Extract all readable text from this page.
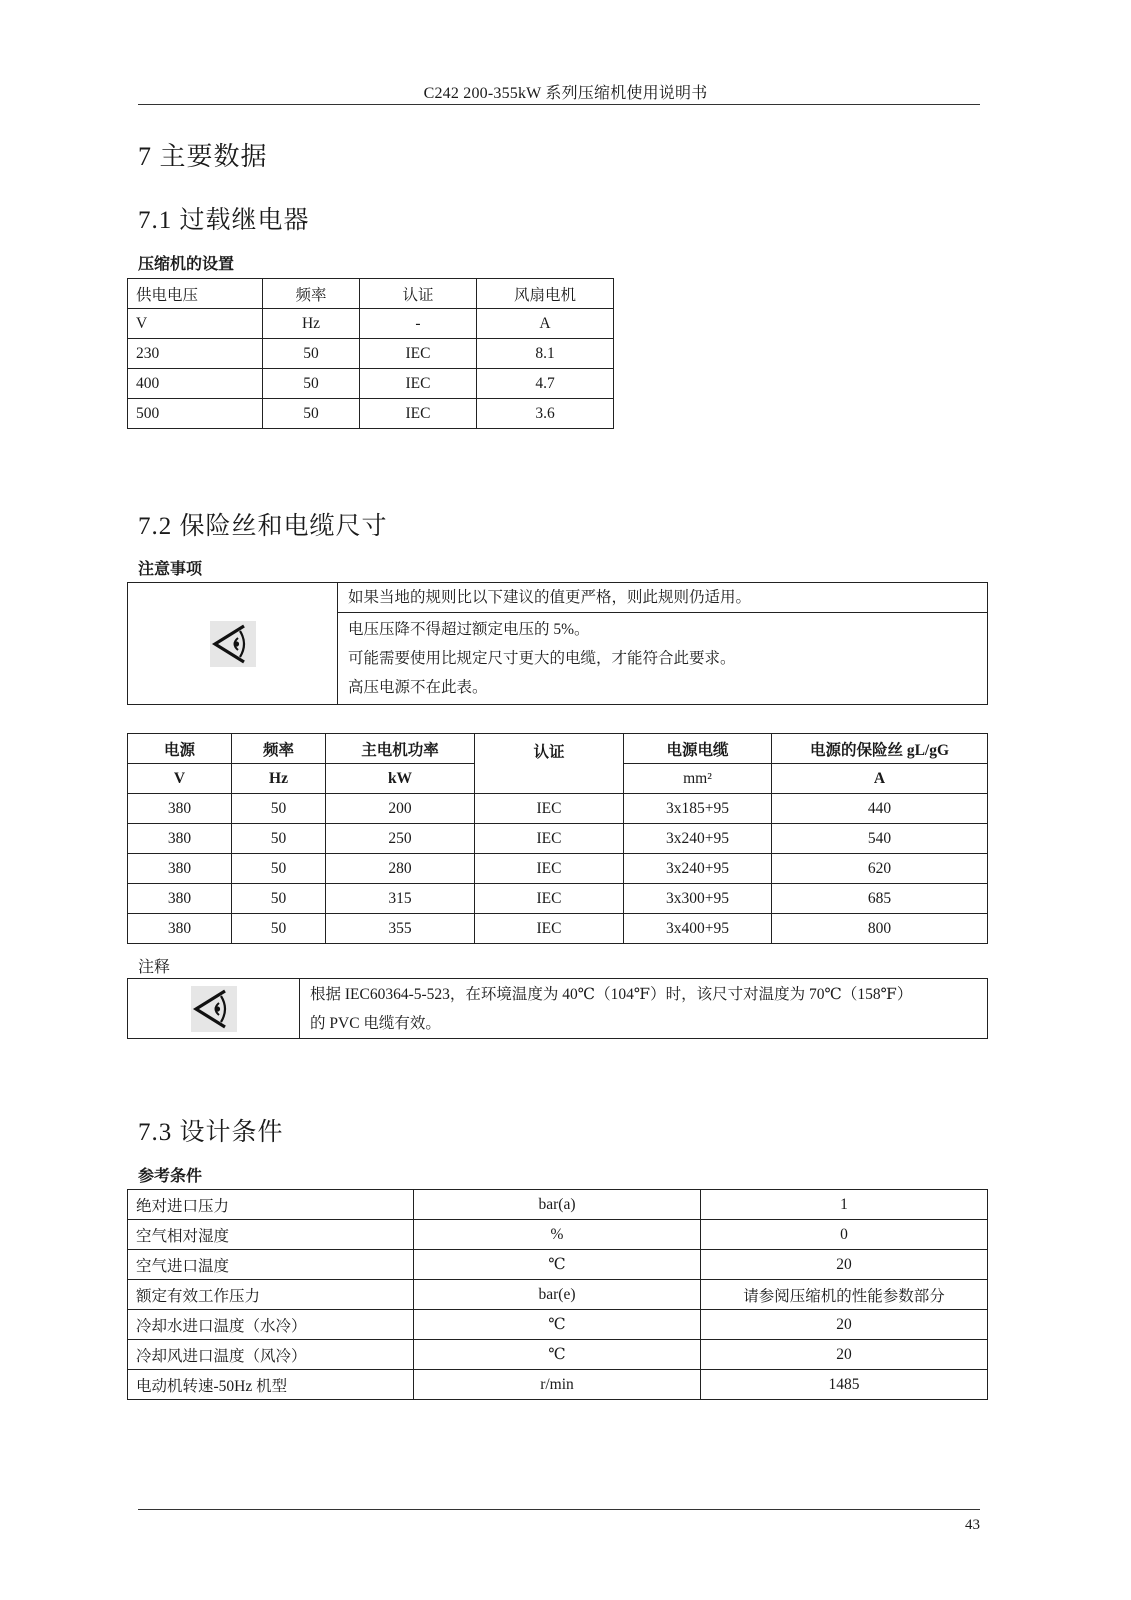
C242 200-355kW 系列压缩机使用说明书
7 主要数据
7.1 过载继电器
压缩机的设置
供电电压	频率	认证	风扇电机
V	Hz	-	A
230	50	IEC	8.1
400	50	IEC	4.7
500	50	IEC	3.6
7.2 保险丝和电缆尺寸
注意事项

如果当地的规则比以下建议的值更严格，则此规则仍适用。

电压压降不得超过额定电压的 5%。
可能需要使用比规定尺寸更大的电缆，才能符合此要求。
高压电源不在此表。
电源	频率	主电机功率	认证	电源电缆	电源的保险丝 gL/gG
V	Hz	kW		mm²	A
380	50	200	IEC	3x185+95	440
380	50	250	IEC	3x240+95	540
380	50	280	IEC	3x240+95	620
380	50	315	IEC	3x300+95	685
380	50	355	IEC	3x400+95	800
注释

根据 IEC60364-5-523，在环境温度为 40℃（104℉）时，该尺寸对温度为 70℃（158℉）
的 PVC 电缆有效。
7.3 设计条件
参考条件
绝对进口压力	bar(a)	1
空气相对湿度	%	0
空气进口温度	℃	20
额定有效工作压力	bar(e)	请参阅压缩机的性能参数部分
冷却水进口温度（水冷）	℃	20
冷却风进口温度（风冷）	℃	20
电动机转速-50Hz 机型	r/min	1485
43
